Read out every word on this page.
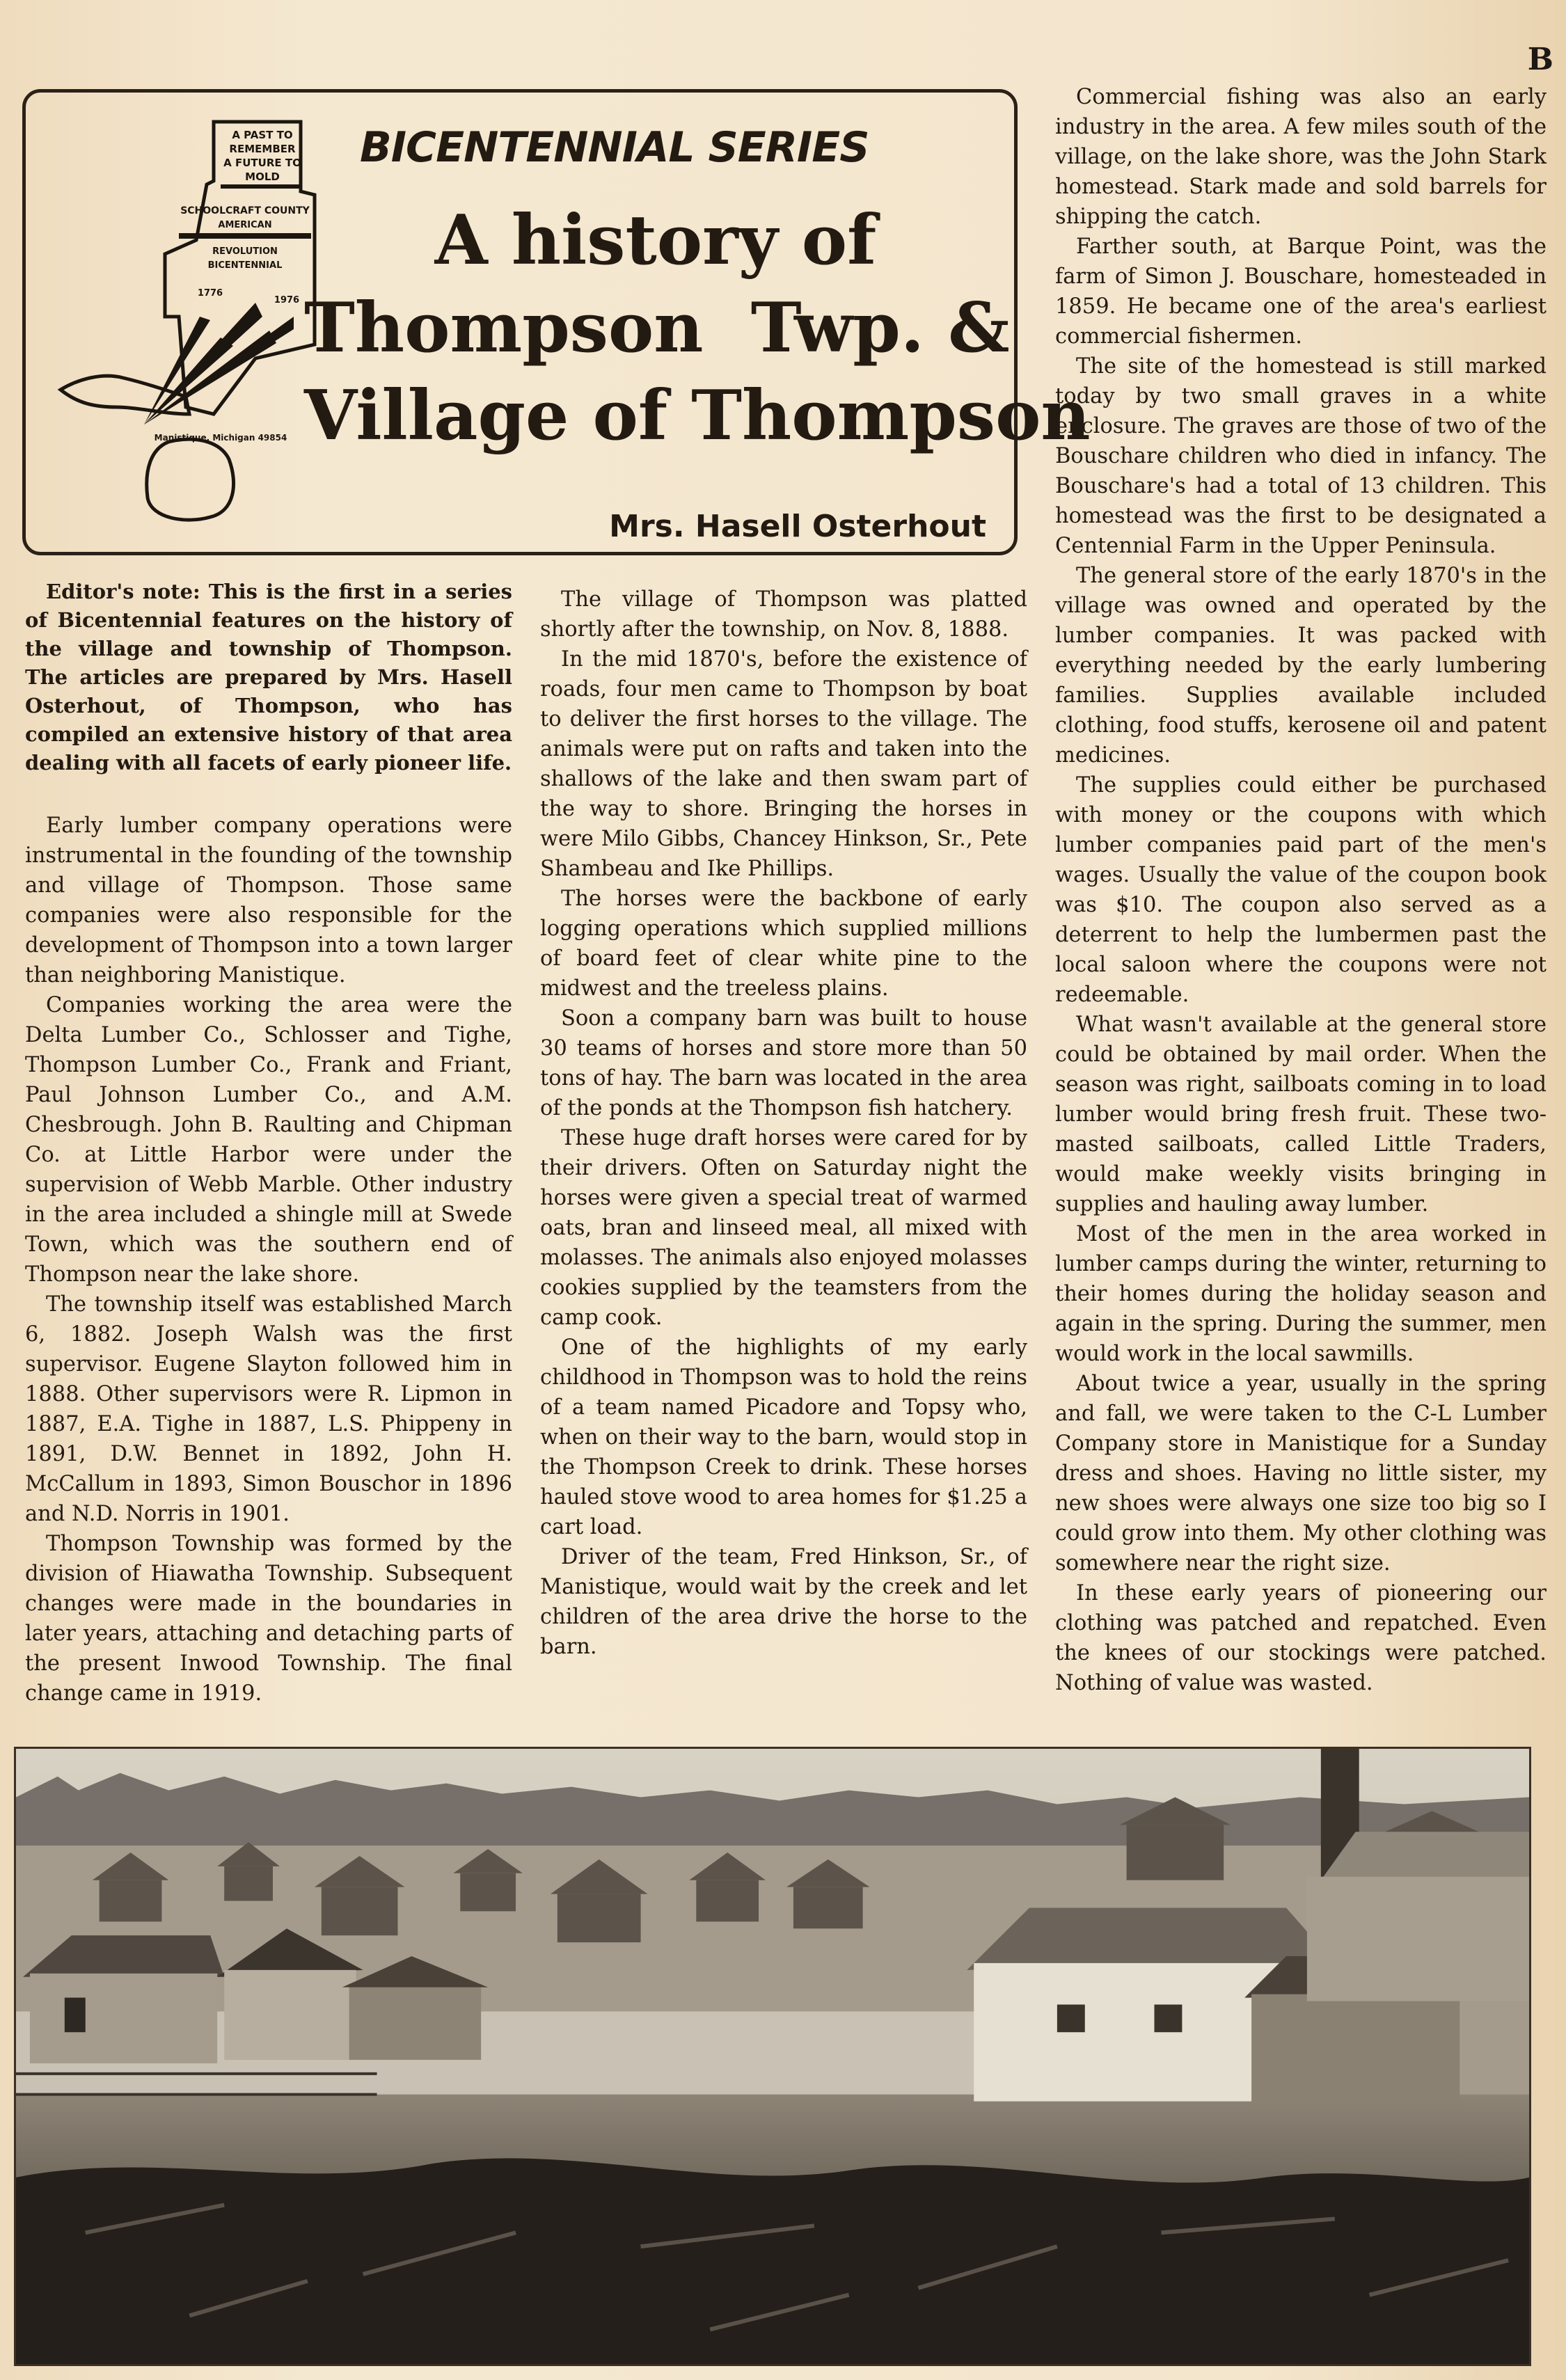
B
A PAST TO
REMEMBER
A FUTURE TO
MOLD
SCHOOLCRAFT COUNTY
AMERICAN
REVOLUTION
BICENTENNIAL
1776
1976
Manistique, Michigan 49854
BICENTENNIAL SERIES
A history of
Thompson  Twp. &
Village of Thompson
Mrs. Hasell Osterhout

Editor's note: This is the first in a series of Bicentennial features on the history of the village and township of Thompson. The articles are prepared by Mrs. Hasell Osterhout, of Thompson, who has compiled an extensive history of that area dealing with all facets of early pioneer life.

Early lumber company operations were instrumental in the founding of the township and village of Thompson. Those same companies were also responsible for the development of Thompson into a town larger than neighboring Manistique.

Companies working the area were the Delta Lumber Co., Schlosser and Tighe, Thompson Lumber Co., Frank and Friant, Paul Johnson Lumber Co., and A.M. Chesbrough. John B. Raulting and Chipman Co. at Little Harbor were under the supervision of Webb Marble. Other industry in the area included a shingle mill at Swede Town, which was the southern end of Thompson near the lake shore.

The township itself was established March 6, 1882. Joseph Walsh was the first supervisor. Eugene Slayton followed him in 1888. Other supervisors were R. Lipmon in 1887, E.A. Tighe in 1887, L.S. Phippeny in 1891, D.W. Bennet in 1892, John H. McCallum in 1893, Simon Bouschor in 1896 and N.D. Norris in 1901.

Thompson Township was formed by the division of Hiawatha Township. Subsequent changes were made in the boundaries in later years, attaching and detaching parts of the present Inwood Township. The final change came in 1919.

The village of Thompson was platted shortly after the township, on Nov. 8, 1888.

In the mid 1870's, before the existence of roads, four men came to Thompson by boat to deliver the first horses to the village. The animals were put on rafts and taken into the shallows of the lake and then swam part of the way to shore. Bringing the horses in were Milo Gibbs, Chancey Hinkson, Sr., Pete Shambeau and Ike Phillips.

The horses were the backbone of early logging operations which supplied millions of board feet of clear white pine to the midwest and the treeless plains.

Soon a company barn was built to house 30 teams of horses and store more than 50 tons of hay. The barn was located in the area of the ponds at the Thompson fish hatchery.

These huge draft horses were cared for by their drivers. Often on Saturday night the horses were given a special treat of warmed oats, bran and linseed meal, all mixed with molasses. The animals also enjoyed molasses cookies supplied by the teamsters from the camp cook.

One of the highlights of my early childhood in Thompson was to hold the reins of a team named Picadore and Topsy who, when on their way to the barn, would stop in the Thompson Creek to drink. These horses hauled stove wood to area homes for $1.25 a cart load.

Driver of the team, Fred Hinkson, Sr., of Manistique, would wait by the creek and let children of the area drive the horse to the barn.

Commercial fishing was also an early industry in the area. A few miles south of the village, on the lake shore, was the John Stark homestead. Stark made and sold barrels for shipping the catch.

Farther south, at Barque Point, was the farm of Simon J. Bouschare, homesteaded in 1859. He became one of the area's earliest commercial fishermen.

The site of the homestead is still marked today by two small graves in a white enclosure. The graves are those of two of the Bouschare children who died in infancy. The Bouschare's had a total of 13 children. This homestead was the first to be designated a Centennial Farm in the Upper Peninsula.

The general store of the early 1870's in the village was owned and operated by the lumber companies. It was packed with everything needed by the early lumbering families. Supplies available included clothing, food stuffs, kerosene oil and patent medicines.

The supplies could either be purchased with money or the coupons with which lumber companies paid part of the men's wages. Usually the value of the coupon book was $10. The coupon also served as a deterrent to help the lumbermen past the local saloon where the coupons were not redeemable.

What wasn't available at the general store could be obtained by mail order. When the season was right, sailboats coming in to load lumber would bring fresh fruit. These two-masted sailboats, called Little Traders, would make weekly visits bringing in supplies and hauling away lumber.

Most of the men in the area worked in lumber camps during the winter, returning to their homes during the holiday season and again in the spring. During the summer, men would work in the local sawmills.

About twice a year, usually in the spring and fall, we were taken to the C-L Lumber Company store in Manistique for a Sunday dress and shoes. Having no little sister, my new shoes were always one size too big so I could grow into them. My other clothing was somewhere near the right size.

In these early years of pioneering our clothing was patched and repatched. Even the knees of our stockings were patched. Nothing of value was wasted.
